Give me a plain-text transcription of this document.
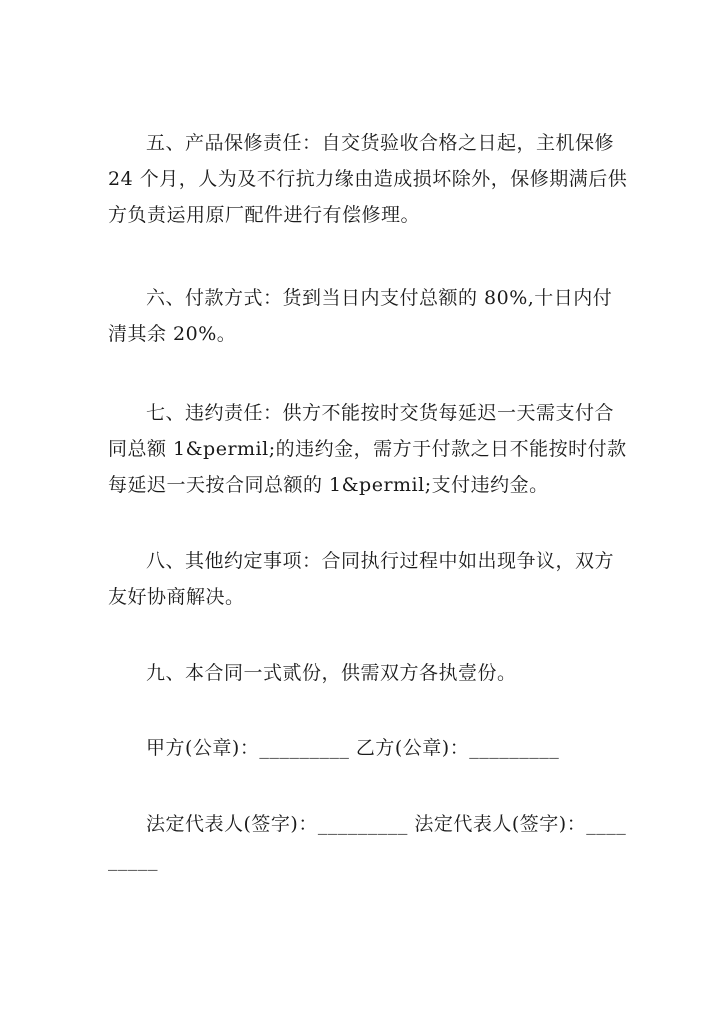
五、产品保修责任：自交货验收合格之日起，主机保修 24 个月，人为及不行抗力缘由造成损坏除外，保修期满后供方负责运用原厂配件进行有偿修理。

六、付款方式：货到当日内支付总额的 80%,十日内付清其余 20%。

七、违约责任：供方不能按时交货每延迟一天需支付合同总额 1&permil;的违约金，需方于付款之日不能按时付款每延迟一天按合同总额的 1&permil;支付违约金。

八、其他约定事项：合同执行过程中如出现争议，双方友好协商解决。

九、本合同一式贰份，供需双方各执壹份。

甲方(公章)：_________ 乙方(公章)：_________

法定代表人(签字)：_________ 法定代表人(签字)：_________
